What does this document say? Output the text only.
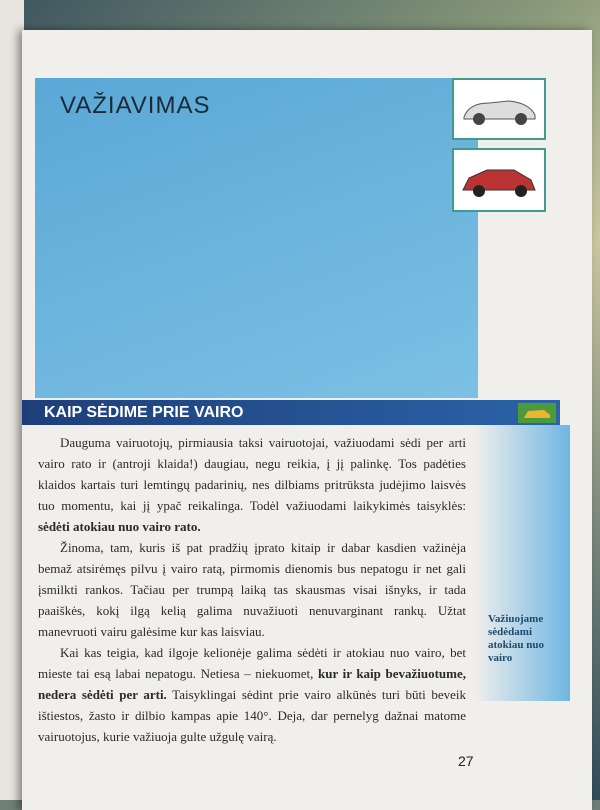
VAŽIAVIMAS
KAIP SĖDIME PRIE VAIRO
Važiuojame sėdėdami atokiau nuo vairo

Dauguma vairuotojų, pirmiausia taksi vairuotojai, važiuodami sėdi per arti vairo rato ir (antroji klaida!) daugiau, negu reikia, į jį palinkę. Tos padėties klaidos kartais turi lemtingų padarinių, nes dilbiams pritrūksta judėjimo laisvės tuo momentu, kai jį ypač reikalinga. Todėl važiuodami laikykimės taisyklės: sėdėti atokiau nuo vairo rato.

Žinoma, tam, kuris iš pat pradžių įprato kitaip ir dabar kasdien važinėja bemaž atsirėmęs pilvu į vairo ratą, pirmomis dienomis bus nepatogu ir net gali įsmilkti rankos. Tačiau per trumpą laiką tas skausmas visai išnyks, ir tada paaiškės, kokį ilgą kelią galima nuvažiuoti nenuvarginant rankų. Užtat manevruoti vairu galėsime kur kas laisviau.

Kai kas teigia, kad ilgoje kelionėje galima sėdėti ir atokiau nuo vairo, bet mieste tai esą labai nepatogu. Netiesa – niekuomet, kur ir kaip bevažiuotume, nedera sėdėti per arti. Taisyklingai sėdint prie vairo alkūnės turi būti beveik ištiestos, žasto ir dilbio kampas apie 140°. Deja, dar pernelyg dažnai matome vairuotojus, kurie važiuoja gulte užgulę vairą.

27
